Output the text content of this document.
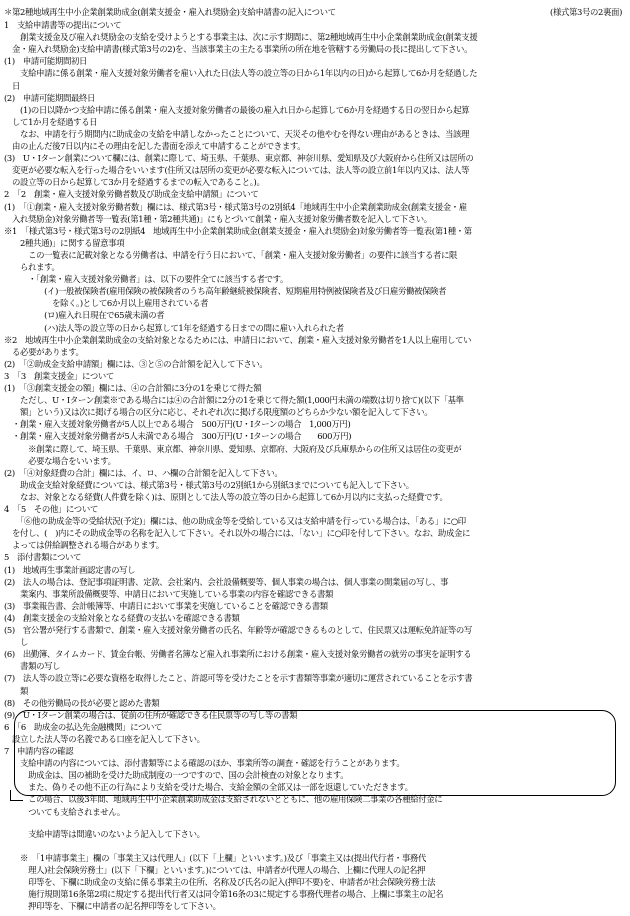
＊第2種地域再生中小企業創業助成金(創業支援金・雇入れ奨励金)支給申請書の記入について	(様式第3号の2裏面)
1　支給申請書等の提出について
　　創業支援金及び雇入れ奨励金の支給を受けようとする事業主は、次に示す期間に、第2種地域再生中小企業創業助成金(創業支援
　金・雇入れ奨励金)支給申請書(様式第3号の2)を、当該事業主の主たる事業所の所在地を管轄する労働局の長に提出して下さい。
(1)　申請可能期間初日
　　支給申請に係る創業・雇入支援対象労働者を雇い入れた日(法人等の設立等の日から1年以内の日)から起算して6か月を経過した
　日
(2)　申請可能期間最終日
　　(1)の日以降かつ支給申請に係る創業・雇入支援対象労働者の最後の雇入れ日から起算して6か月を経過する日の翌日から起算
　して1か月を経過する日
　　なお、申請を行う期間内に助成金の支給を申請しなかったことについて、天災その他やむを得ない理由があるときは、当該理
　由の止んだ後7日以内にその理由を記した書面を添えて申請することができます。
(3)　U・Iターン創業について欄には、創業に際して、埼玉県、千葉県、東京都、神奈川県、愛知県及び大阪府から住所又は居所の
　変更が必要な転入を行った場合をいいます(住所又は居所の変更が必要な転入については、法人等の設立前1年以内又は、法人等
　の設立等の日から起算して3か月を経過するまでの転入であること。)。
2　「2　創業・雇入支援対象労働者数及び助成金支給申請額」について
(1)　「①創業・雇入支援対象労働者数」欄には、様式第3号・様式第3号の2別紙4「地域再生中小企業創業助成金(創業支援金・雇
　入れ奨励金)対象労働者等一覧表(第1種・第2種共通)」にもとづいて創業・雇入支援対象労働者数を記入して下さい。
※1　「様式第3号・様式第3号の2別紙4　地域再生中小企業創業助成金(創業支援金・雇入れ奨励金)対象労働者等一覧表(第1種・第
　　2種共通)」に関する留意事項
　　　この一覧表に記載対象となる労働者は、申請を行う日において、「創業・雇入支援対象労働者」の要件に該当する者に限
　　られます。
　　　・「創業・雇入支援対象労働者」は、以下の要件全てに該当する者です。
　　　　　(イ)一般被保険者(雇用保険の被保険者のうち高年齢継続被保険者、短期雇用特例被保険者及び日雇労働被保険者
　　　　　　を除く。)として6か月以上雇用されている者
　　　　　(ロ)雇入れ日現在で65歳未満の者
　　　　　(ハ)法人等の設立等の日から起算して1年を経過する日までの間に雇い入れられた者
※2　地域再生中小企業創業助成金の支給対象となるためには、申請日において、創業・雇入支援対象労働者を1人以上雇用してい
　る必要があります。
(2)　「②助成金支給申請額」欄には、③と⑤の合計額を記入して下さい。
3　「3　創業支援金」について
(1)　「③創業支援金の額」欄には、④の合計額に3分の1を乗じて得た額
　　ただし、U・Iターン創業※である場合には④の合計額に2分の1を乗じて得た額(1,000円未満の端数は切り捨て)(以下「基準
　　額」という)又は次に掲げる場合の区分に応じ、それぞれ次に掲げる限度額のどちらか少ない額を記入して下さい。
　・創業・雇入支援対象労働者が5人以上である場合　500万円(U・Iターンの場合　1,000万円)
　・創業・雇入支援対象労働者が5人未満である場合　300万円(U・Iターンの場合　　600万円)
　　　※創業に際して、埼玉県、千葉県、東京都、神奈川県、愛知県、京都府、大阪府及び兵庫県からの住所又は居住の変更が
　　　必要な場合をいいます。
(2)　「④対象経費の合計」欄には、イ、ロ、ハ欄の合計額を記入して下さい。
　　助成金支給対象経費については、様式第3号・様式第3号の2別紙1から別紙3までについても記入して下さい。
　　なお、対象となる経費(人件費を除く)は、原則として法人等の設立等の日から起算して6か月以内に支払った経費です。
4　「5　その他」について
　　「⑥他の助成金等の受給状況(予定)」欄には、他の助成金等を受給している又は支給申請を行っている場合は、「ある」に○印
　を付し、(　)内にその助成金等の名称を記入して下さい。それ以外の場合には、「ない」に○印を付して下さい。なお、助成金に
　よっては併給調整される場合があります。
5　添付書類について
(1)　地域再生事業計画認定書の写し
(2)　法人の場合は、登記事項証明書、定款、会社案内、会社設備概要等、個人事業の場合は、個人事業の開業届の写し、事
　　業案内、事業所設備概要等、申請日において実施している事業の内容を確認できる書類
(3)　事業報告書、会計帳簿等、申請日において事業を実施していることを確認できる書類
(4)　創業支援金の支給対象となる経費の支払いを確認できる書類
(5)　官公署が発行する書類で、創業・雇入支援対象労働者の氏名、年齢等が確認できるものとして、住民票又は運転免許証等の写
　　し
(6)　出勤簿、タイムカード、賃金台帳、労働者名簿など雇入れ事業所における創業・雇入支援対象労働者の就労の事実を証明する
　　書類の写し
(7)　法人等の設立等に必要な資格を取得したこと、許認可等を受けたことを示す書類等事業が適切に運営されていることを示す書
　　類
(8)　その他労働局の長が必要と認めた書類
(9)　U・Iターン創業の場合は、従前の住所が確認できる住民票等の写し等の書類
6　「6　助成金の払込先金融機関」について
　設立した法人等の名義である口座を記入して下さい。
7　申請内容の確認
　　支給申請の内容については、添付書類等による確認のほか、事業所等の調査・確認を行うことがあります。
　　　助成金は、国の補助を受けた助成制度の一つですので、国の会計検査の対象となります。
　　　また、偽りその他不正の行為により支給を受けた場合、支給金額の全部又は一部を返還していただきます。
　　　この場合、以後3年間、地域再生中小企業創業助成金は支給されないとともに、他の雇用保険二事業の各種給付金に
　　　ついても支給されません。
　　　支給申請等は間違いのないよう記入して下さい。
　　※　「1申請事業主」欄の「事業主又は代理人」(以下「上欄」といいます。)及び「事業主又は(提出代行者・事務代
　　　理人)社会保険労務士」(以下「下欄」といいます。)については、申請者が代理人の場合、上欄に代理人の記名押
　　　印等を、下欄に助成金の支給に係る事業主の住所、名称及び氏名の記入(押印不要)を、申請者が社会保険労務士法
　　　施行規則第16条第2項に規定する提出代行者又は同令第16条の3に規定する事務代理者の場合、上欄に事業主の記名
　　　押印等を、下欄に申請者の記名押印等をして下さい。
